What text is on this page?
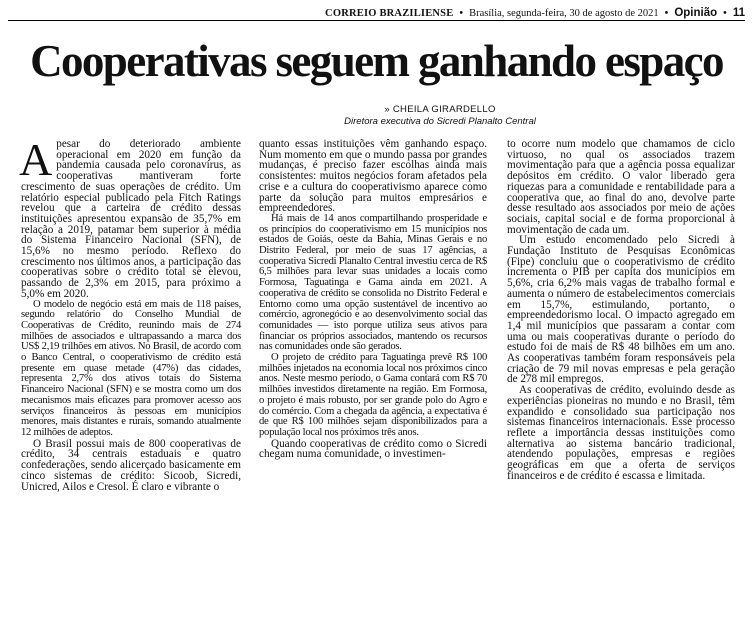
CORREIO BRAZILIENSE • Brasília, segunda-feira, 30 de agosto de 2021 • Opinião • 11
Cooperativas seguem ganhando espaço
» CHEILA GIRARDELLO
Diretora executiva do Sicredi Planalto Central

Apesar do deteriorado ambiente operacional em 2020 em função da pandemia causada pelo coronavírus, as cooperativas mantiveram forte crescimento de suas operações de crédito. Um relatório especial publicado pela Fitch Ratings revelou que a carteira de crédito dessas instituições apresentou expansão de 35,7% em relação a 2019, patamar bem superior à média do Sistema Financeiro Nacional (SFN), de 15,6% no mesmo período. Reflexo do crescimento nos últimos anos, a participação das cooperativas sobre o crédito total se elevou, passando de 2,3% em 2015, para próximo a 5,0% em 2020.

O modelo de negócio está em mais de 118 países, segundo relatório do Conselho Mundial de Cooperativas de Crédito, reunindo mais de 274 milhões de associados e ultrapassando a marca dos US$ 2,19 trilhões em ativos. No Brasil, de acordo com o Banco Central, o cooperativismo de crédito está presente em quase metade (47%) das cidades, representa 2,7% dos ativos totais do Sistema Financeiro Nacional (SFN) e se mostra como um dos mecanismos mais eficazes para promover acesso aos serviços financeiros às pessoas em municípios menores, mais distantes e rurais, somando atualmente 12 milhões de adeptos.

O Brasil possui mais de 800 cooperativas de crédito, 34 centrais estaduais e quatro confederações, sendo alicerçado basicamente em cinco sistemas de crédito: Sicoob, Sicredi, Unicred, Ailos e Cresol. É claro e vibrante o

quanto essas instituições vêm ganhando espaço. Num momento em que o mundo passa por grandes mudanças, é preciso fazer escolhas ainda mais consistentes: muitos negócios foram afetados pela crise e a cultura do cooperativismo aparece como parte da solução para muitos empresários e empreendedores.

Há mais de 14 anos compartilhando prosperidade e os princípios do cooperativismo em 15 municípios nos estados de Goiás, oeste da Bahia, Minas Gerais e no Distrito Federal, por meio de suas 17 agências, a cooperativa Sicredi Planalto Central investiu cerca de R$ 6,5 milhões para levar suas unidades a locais como Formosa, Taguatinga e Gama ainda em 2021. A cooperativa de crédito se consolida no Distrito Federal e Entorno como uma opção sustentável de incentivo ao comércio, agronegócio e ao desenvolvimento social das comunidades — isto porque utiliza seus ativos para financiar os próprios associados, mantendo os recursos nas comunidades onde são gerados.

O projeto de crédito para Taguatinga prevê R$ 100 milhões injetados na economia local nos próximos cinco anos. Neste mesmo período, o Gama contará com R$ 70 milhões investidos diretamente na região. Em Formosa, o projeto é mais robusto, por ser grande polo do Agro e do comércio. Com a chegada da agência, a expectativa é de que R$ 100 milhões sejam disponibilizados para a população local nos próximos três anos.

Quando cooperativas de crédito como o Sicredi chegam numa comunidade, o investimen-

to ocorre num modelo que chamamos de ciclo virtuoso, no qual os associados trazem movimentação para que a agência possa equalizar depósitos em crédito. O valor liberado gera riquezas para a comunidade e rentabilidade para a cooperativa que, ao final do ano, devolve parte desse resultado aos associados por meio de ações sociais, capital social e de forma proporcional à movimentação de cada um.

Um estudo encomendado pelo Sicredi à Fundação Instituto de Pesquisas Econômicas (Fipe) concluiu que o cooperativismo de crédito incrementa o PIB per capita dos municípios em 5,6%, cria 6,2% mais vagas de trabalho formal e aumenta o número de estabelecimentos comerciais em 15,7%, estimulando, portanto, o empreendedorismo local. O impacto agregado em 1,4 mil municípios que passaram a contar com uma ou mais cooperativas durante o período do estudo foi de mais de R$ 48 bilhões em um ano. As cooperativas também foram responsáveis pela criação de 79 mil novas empresas e pela geração de 278 mil empregos.

As cooperativas de crédito, evoluindo desde as experiências pioneiras no mundo e no Brasil, têm expandido e consolidado sua participação nos sistemas financeiros internacionais. Esse processo reflete a importância dessas instituições como alternativa ao sistema bancário tradicional, atendendo populações, empresas e regiões geográficas em que a oferta de serviços financeiros e de crédito é escassa e limitada.
